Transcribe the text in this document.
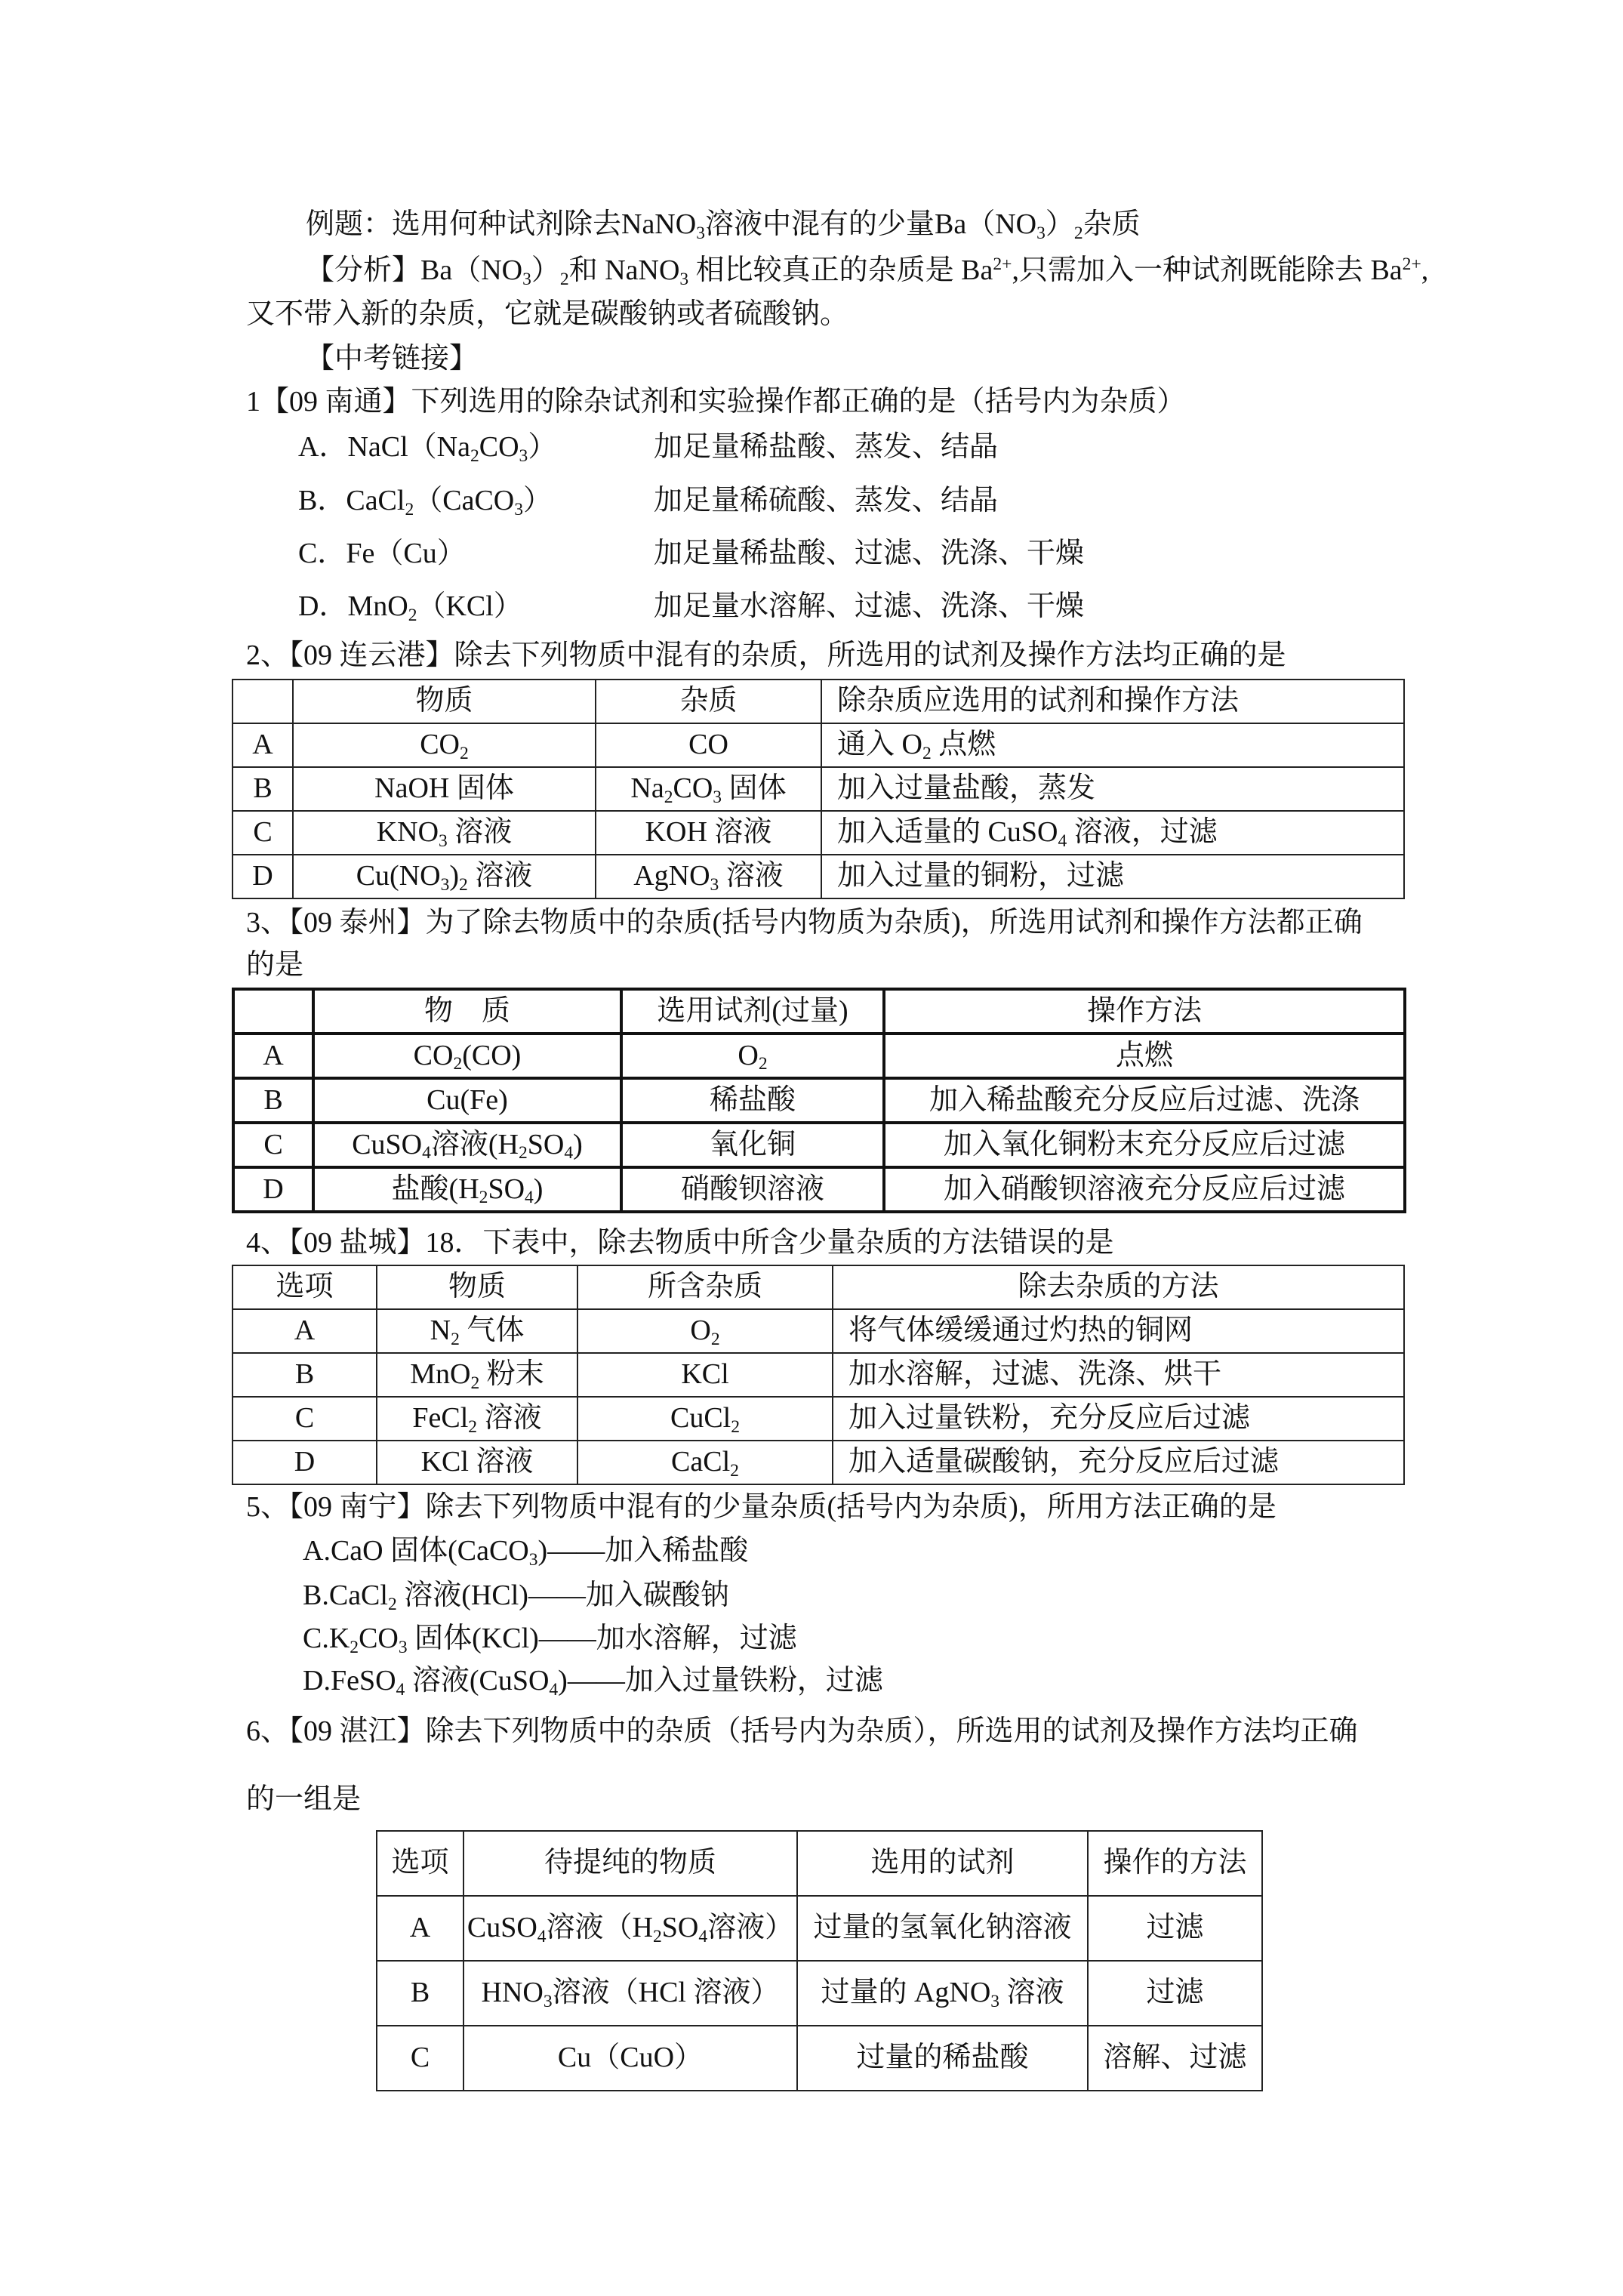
例题：选用何种试剂除去NaNO$_3$溶液中混有的少量$Ba(NO_3)_2$杂质
【分析】$Ba(NO_3)_2$和 NaNO$_3$ 相比较真正的杂质是 $Ba^{2+}$,只需加入一种试剂既能除去 $Ba^{2+}$,
又不带入新的杂质，它就是碳酸钠或者硫酸钠。
【中考链接】
1【09 南通】下列选用的除杂试剂和实验操作都正确的是（括号内为杂质）
A．$NaCl(Na_2CO_3)$	加足量稀盐酸、蒸发、结晶
B．CaCl$_2$（CaCO$_3$）	加足量稀硫酸、蒸发、结晶
C．Fe（Cu）	加足量稀盐酸、过滤、洗涤、干燥
D．MnO$_2$（KCl）	加足量水溶解、过滤、洗涤、干燥
2、【09 连云港】除去下列物质中混有的杂质，所选用的试剂及操作方法均正确的是
	物质	杂质	除杂质应选用的试剂和操作方法
A	$CO_2$	CO	通入 $O_2$ 点燃
B	NaOH 固体	$Na_2CO_3$ 固体	加入过量盐酸，蒸发
C	$KNO_3$ 溶液	KOH 溶液	加入适量的 CuSO$_4$ 溶液，过滤
D	$Cu(NO_3)_2$ 溶液	AgNO$_3$ 溶液	加入过量的铜粉，过滤
3、【09 泰州】为了除去物质中的杂质(括号内物质为杂质)，所选用试剂和操作方法都正确
的是
	物　质	选用试剂(过量)	操作方法
A	$CO_2(CO)$	$O_2$	点燃
B	Cu(Fe)	稀盐酸	加入稀盐酸充分反应后过滤、洗涤
C	CuSO$_4$溶液$(H_2SO_4)$	氧化铜	加入氧化铜粉末充分反应后过滤
D	盐酸$(H_2SO_4)$	硝酸钡溶液	加入硝酸钡溶液充分反应后过滤
4、【09 盐城】18．下表中，除去物质中所含少量杂质的方法错误的是
选项	物质	所含杂质	除去杂质的方法
A	$N_2$ 气体	$O_2$	将气体缓缓通过灼热的铜网
B	MnO$_2$ 粉末	KCl	加水溶解，过滤、洗涤、烘干
C	FeCl$_2$ 溶液	CuCl$_2$	加入过量铁粉，充分反应后过滤
D	KCl 溶液	CaCl$_2$	加入适量碳酸钠，充分反应后过滤
5、【09 南宁】除去下列物质中混有的少量杂质(括号内为杂质)，所用方法正确的是
A.CaO 固体(CaCO$_3$)——加入稀盐酸
B.CaCl$_2$ 溶液(HCl)——加入碳酸钠
$C.K_2CO_3$ 固体(KCl)——加水溶解，过滤
D.FeSO$_4$ 溶液(CuSO$_4$)——加入过量铁粉，过滤
6、【09 湛江】除去下列物质中的杂质（括号内为杂质），所选用的试剂及操作方法均正确
的一组是
选项	待提纯的物质	选用的试剂	操作的方法
A	CuSO$_4$溶液（$H_2SO_4$溶液）	过量的氢氧化钠溶液	过滤
B	$HNO_3$溶液（HCl 溶液）	过量的 AgNO$_3$ 溶液	过滤
C	Cu（CuO）	过量的稀盐酸	溶解、过滤
